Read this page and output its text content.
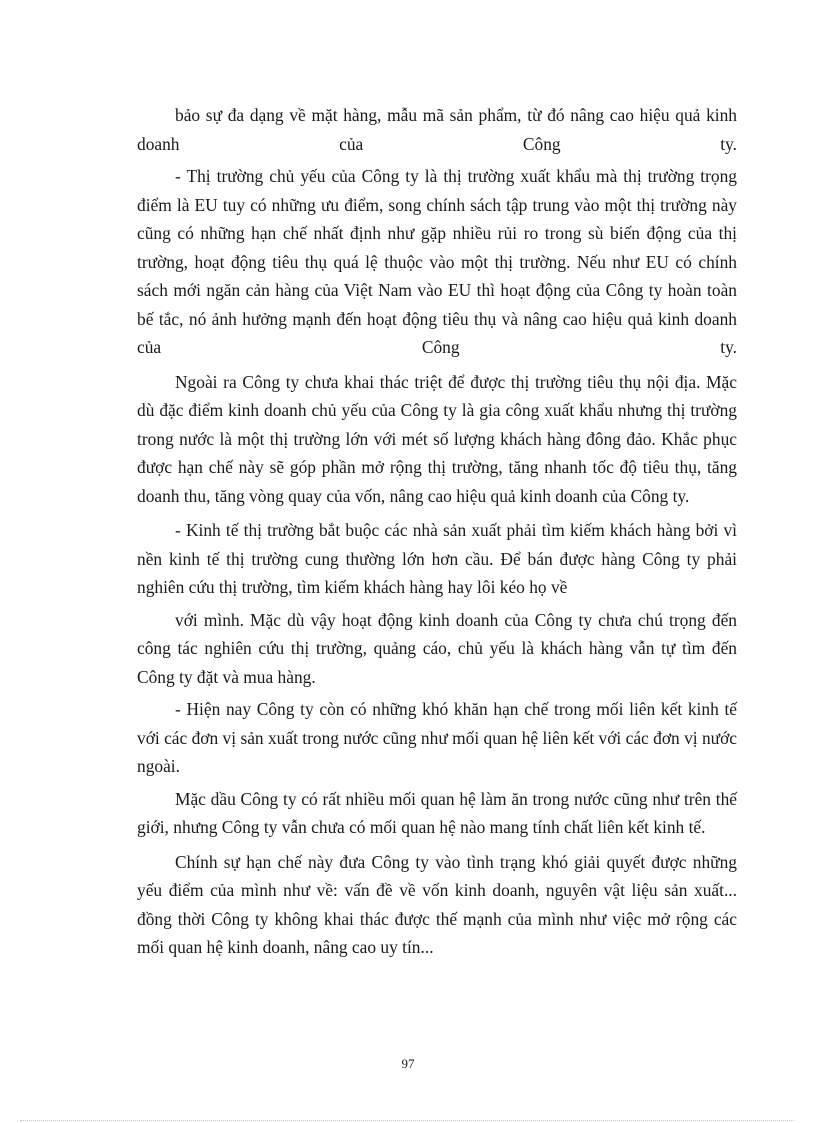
bảo sự đa dạng về mặt hàng, mẫu mã sản phẩm, từ đó nâng cao hiệu quả kinh doanh của Công ty.

- Thị trường chủ yếu của Công ty là thị trường xuất khẩu mà thị trường trọng điểm là EU tuy có những ưu điểm, song chính sách tập trung vào một thị trường này cũng có những hạn chế nhất định như gặp nhiều rủi ro trong sù biến động của thị trường, hoạt động tiêu thụ quá lệ thuộc vào một thị trường. Nếu như EU có chính sách mới ngăn cản hàng của Việt Nam vào EU thì hoạt động của Công ty hoàn toàn bế tắc, nó ảnh hưởng mạnh đến hoạt động tiêu thụ và nâng cao hiệu quả kinh doanh của Công ty.

Ngoài ra Công ty chưa khai thác triệt để được thị trường tiêu thụ nội địa. Mặc dù đặc điểm kinh doanh chủ yếu của Công ty là gia công xuất khẩu nhưng thị trường trong nước là một thị trường lớn với mét số lượng khách hàng đông đảo. Khắc phục được hạn chế này sẽ góp phần mở rộng thị trường, tăng nhanh tốc độ tiêu thụ, tăng doanh thu, tăng vòng quay của vốn, nâng cao hiệu quả kinh doanh của Công ty.

- Kinh tế thị trường bắt buộc các nhà sản xuất phải tìm kiếm khách hàng bởi vì nền kinh tế thị trường cung thường lớn hơn cầu. Để bán được hàng Công ty phải nghiên cứu thị trường, tìm kiếm khách hàng hay lôi kéo họ về

với mình. Mặc dù vậy hoạt động kinh doanh của Công ty chưa chú trọng đến công tác nghiên cứu thị trường, quảng cáo, chủ yếu là khách hàng vẫn tự tìm đến Công ty đặt và mua hàng.

- Hiện nay Công ty còn có những khó khăn hạn chế trong mối liên kết kinh tế với các đơn vị sản xuất trong nước cũng như mối quan hệ liên kết với các đơn vị nước ngoài.

Mặc dầu Công ty có rất nhiều mối quan hệ làm ăn trong nước cũng như trên thế giới, nhưng Công ty vẫn chưa có mối quan hệ nào mang tính chất liên kết kinh tế.

Chính sự hạn chế này đưa Công ty vào tình trạng khó giải quyết được những yếu điểm của mình như về: vấn đề về vốn kinh doanh, nguyên vật liệu sản xuất... đồng thời Công ty không khai thác được thế mạnh của mình như việc mở rộng các mối quan hệ kinh doanh, nâng cao uy tín...

97
